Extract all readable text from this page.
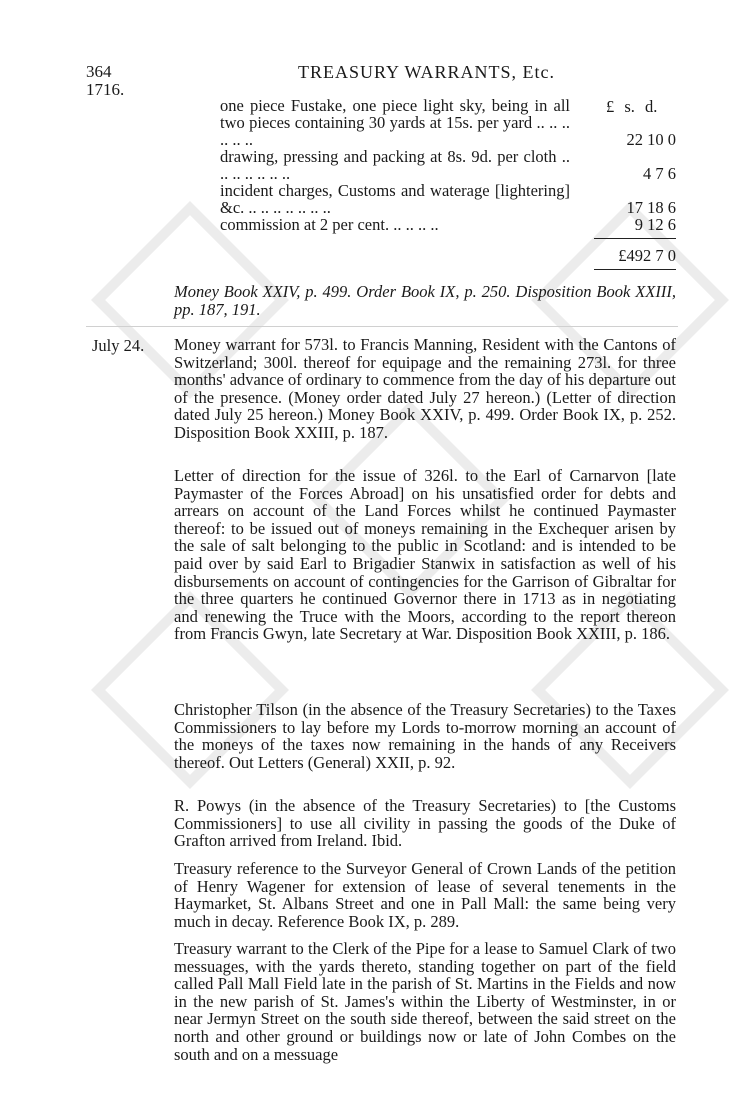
364
1716.
TREASURY WARRANTS, Etc.
£ s. d.
one piece Fustake, one piece light sky, being in all two pieces containing 30 yards at 15s. per yard .. .. .. .. .. ..	22 10 0
drawing, pressing and packing at 8s. 9d. per cloth .. .. .. .. .. .. ..	4 7 6
incident charges, Customs and waterage [lightering] &c. .. .. .. .. .. .. ..	17 18 6
commission at 2 per cent. .. .. .. ..	9 12 6
£492 7 0

Money Book XXIV, p. 499. Order Book IX, p. 250. Disposition Book XXIII, pp. 187, 191.

July 24. Money warrant for 573l. to Francis Manning, Resident with the Cantons of Switzerland; 300l. thereof for equipage and the remaining 273l. for three months' advance of ordinary to commence from the day of his departure out of the presence. (Money order dated July 27 hereon.) (Letter of direction dated July 25 hereon.) Money Book XXIV, p. 499. Order Book IX, p. 252. Disposition Book XXIII, p. 187.

Letter of direction for the issue of 326l. to the Earl of Carnarvon [late Paymaster of the Forces Abroad] on his unsatisfied order for debts and arrears on account of the Land Forces whilst he continued Paymaster thereof: to be issued out of moneys remaining in the Exchequer arisen by the sale of salt belonging to the public in Scotland: and is intended to be paid over by said Earl to Brigadier Stanwix in satisfaction as well of his disbursements on account of contingencies for the Garrison of Gibraltar for the three quarters he continued Governor there in 1713 as in negotiating and renewing the Truce with the Moors, according to the report thereon from Francis Gwyn, late Secretary at War. Disposition Book XXIII, p. 186.

Christopher Tilson (in the absence of the Treasury Secretaries) to the Taxes Commissioners to lay before my Lords to-morrow morning an account of the moneys of the taxes now remaining in the hands of any Receivers thereof. Out Letters (General) XXII, p. 92.

R. Powys (in the absence of the Treasury Secretaries) to [the Customs Commissioners] to use all civility in passing the goods of the Duke of Grafton arrived from Ireland. Ibid.

Treasury reference to the Surveyor General of Crown Lands of the petition of Henry Wagener for extension of lease of several tenements in the Haymarket, St. Albans Street and one in Pall Mall: the same being very much in decay. Reference Book IX, p. 289.

Treasury warrant to the Clerk of the Pipe for a lease to Samuel Clark of two messuages, with the yards thereto, standing together on part of the field called Pall Mall Field late in the parish of St. Martins in the Fields and now in the new parish of St. James's within the Liberty of Westminster, in or near Jermyn Street on the south side thereof, between the said street on the north and other ground or buildings now or late of John Combes on the south and on a messuage
